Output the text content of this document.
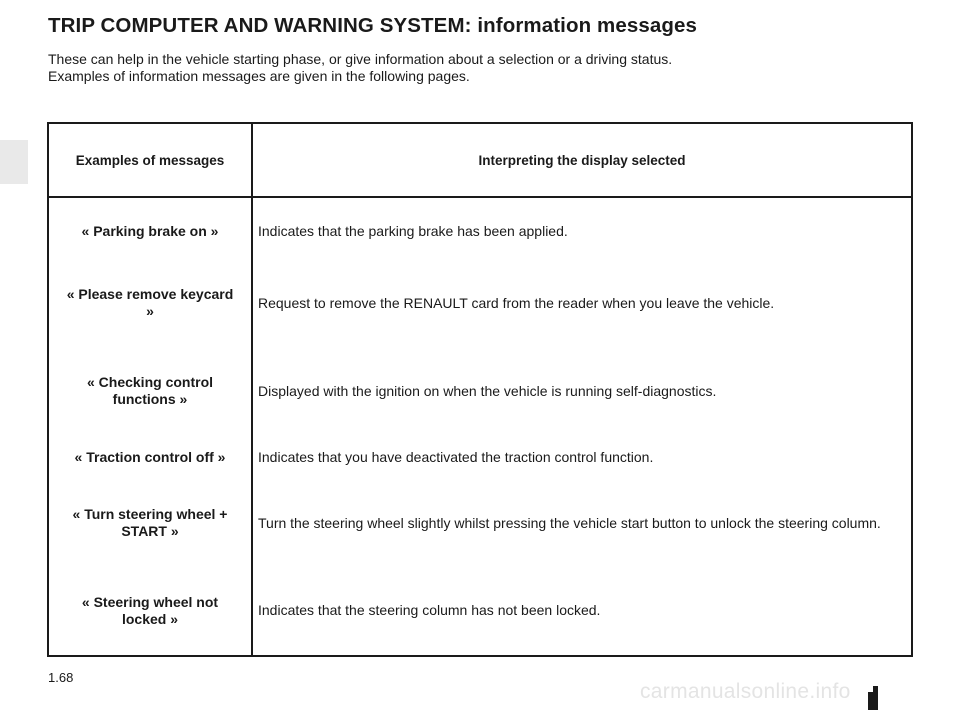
TRIP COMPUTER AND WARNING SYSTEM: information messages

These can help in the vehicle starting phase, or give information about a selection or a driving status.

Examples of information messages are given in the following pages.

Examples of messages	Interpreting the display selected
« Parking brake on »	Indicates that the parking brake has been applied.
« Please remove keycard »	Request to remove the RENAULT card from the reader when you leave the vehicle.
« Checking control functions »	Displayed with the ignition on when the vehicle is running self-diagnostics.
« Traction control off »	Indicates that you have deactivated the traction control function.
« Turn steering wheel + START »	Turn the steering wheel slightly whilst pressing the vehicle start button to unlock the steering column.
« Steering wheel not locked »	Indicates that the steering column has not been locked.
1.68
carmanualsonline.info
